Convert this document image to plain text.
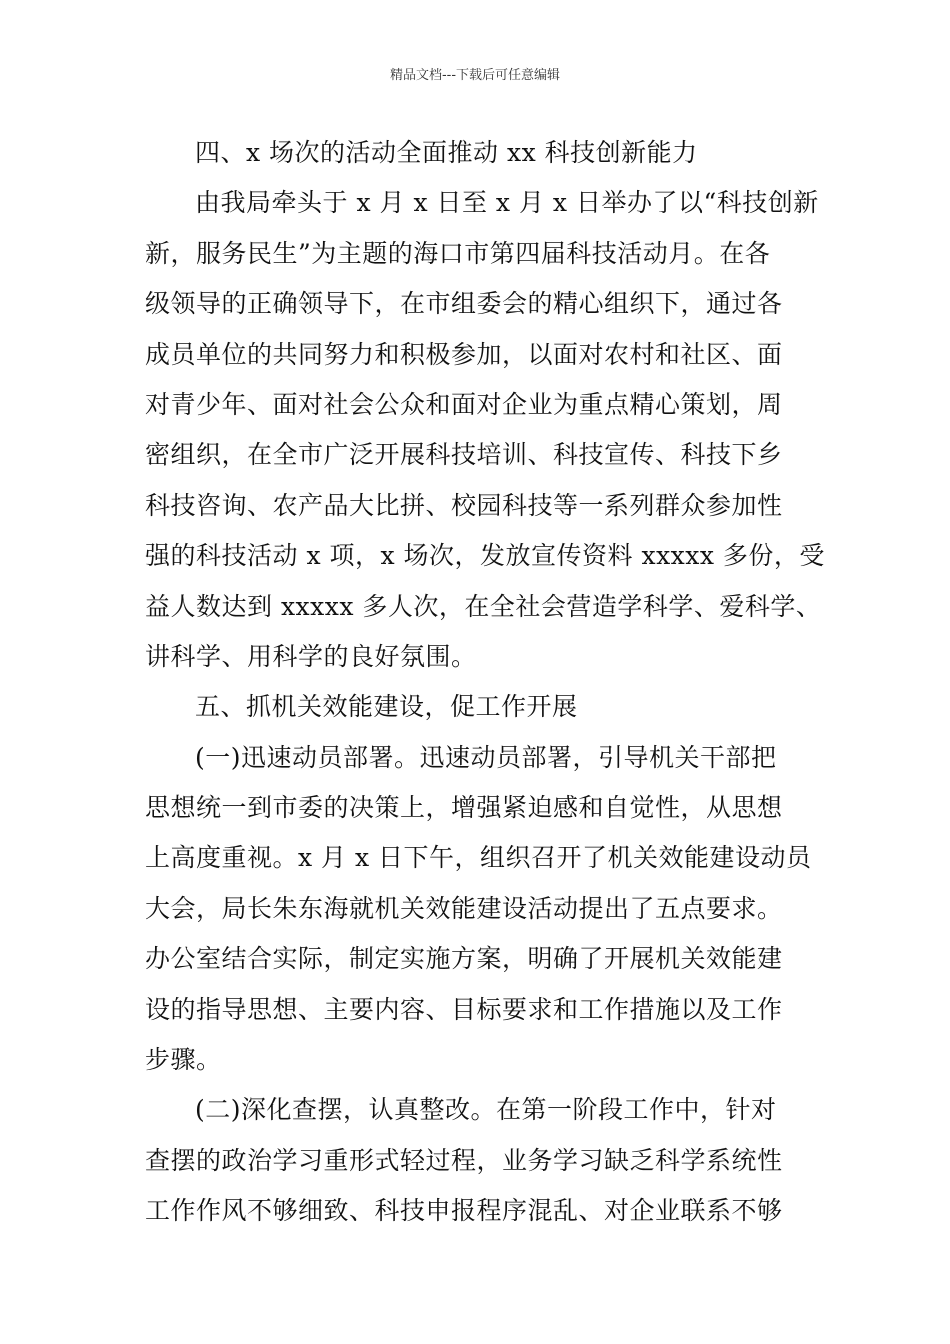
精品文档---下载后可任意编辑
四、x 场次的活动全面推动 xx 科技创新能力
由我局牵头于 x 月 x 日至 x 月 x 日举办了以“科技创新
新，服务民生”为主题的海口市第四届科技活动月。在各
级领导的正确领导下，在市组委会的精心组织下，通过各
成员单位的共同努力和积极参加，以面对农村和社区、面
对青少年、面对社会公众和面对企业为重点精心策划，周
密组织，在全市广泛开展科技培训、科技宣传、科技下乡
科技咨询、农产品大比拼、校园科技等一系列群众参加性
强的科技活动 x 项，x 场次，发放宣传资料 xxxxx 多份，受
益人数达到 xxxxx 多人次，在全社会营造学科学、爱科学、
讲科学、用科学的良好氛围。
五、抓机关效能建设，促工作开展
(一)迅速动员部署。迅速动员部署，引导机关干部把
思想统一到市委的决策上，增强紧迫感和自觉性，从思想
上高度重视。x 月 x 日下午，组织召开了机关效能建设动员
大会，局长朱东海就机关效能建设活动提出了五点要求。
办公室结合实际，制定实施方案，明确了开展机关效能建
设的指导思想、主要内容、目标要求和工作措施以及工作
步骤。
(二)深化查摆，认真整改。在第一阶段工作中，针对
查摆的政治学习重形式轻过程，业务学习缺乏科学系统性
工作作风不够细致、科技申报程序混乱、对企业联系不够
